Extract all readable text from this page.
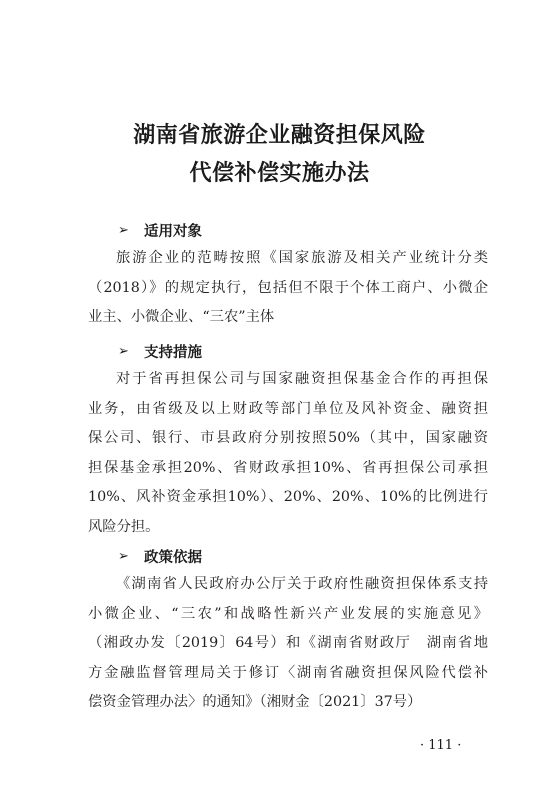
湖南省旅游企业融资担保风险
代偿补偿实施办法
➢	适用对象
旅游企业的范畴按照《国家旅游及相关产业统计分类
（2018）》的规定执行，包括但不限于个体工商户、小微企
业主、小微企业、“三农”主体
➢	支持措施
对于省再担保公司与国家融资担保基金合作的再担保
业务，由省级及以上财政等部门单位及风补资金、融资担
保公司、银行、市县政府分别按照50%（其中，国家融资
担保基金承担20%、省财政承担10%、省再担保公司承担
10%、风补资金承担10%）、20%、20%、10%的比例进行
风险分担。
➢	政策依据
《湖南省人民政府办公厅关于政府性融资担保体系支持
小微企业、“三农”和战略性新兴产业发展的实施意见》
（湘政办发〔2019〕64号）和《湖南省财政厅　湖南省地
方金融监督管理局关于修订〈湖南省融资担保风险代偿补
偿资金管理办法〉的通知》（湘财金〔2021〕37号）
· 111 ·
